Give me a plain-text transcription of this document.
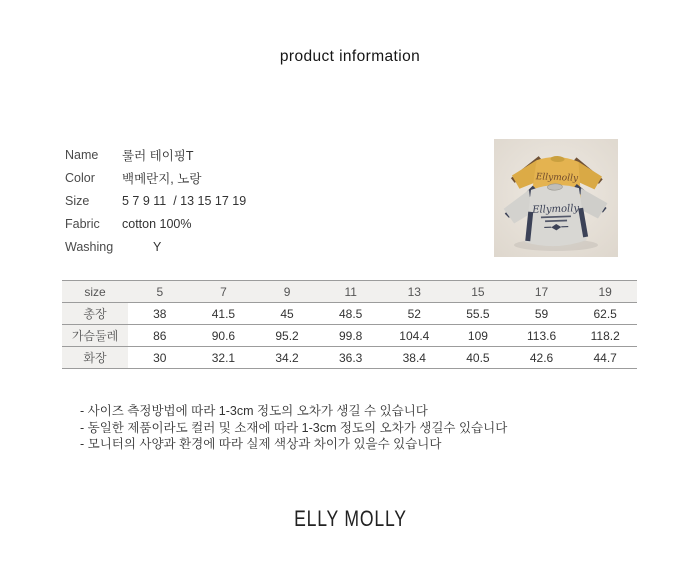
product information
Name	룰러 테이핑T
Color	백메란지, 노랑
Size	5 7 9 11  / 13 15 17 19
Fabric	cotton 100%
Washing	Y
Ellymolly
Ellymolly
size	5	7	9	11	13	15	17	19
총장	38	41.5	45	48.5	52	55.5	59	62.5
가슴둘레	86	90.6	95.2	99.8	104.4	109	113.6	118.2
화장	30	32.1	34.2	36.3	38.4	40.5	42.6	44.7
- 사이즈 측정방법에 따라 1-3cm 정도의 오차가 생길 수 있습니다
- 동일한 제품이라도 컬러 및 소재에 따라 1-3cm 정도의 오차가 생길수 있습니다
- 모니터의 사양과 환경에 따라 실제 색상과 차이가 있을수 있습니다
ELLY MOLLY
